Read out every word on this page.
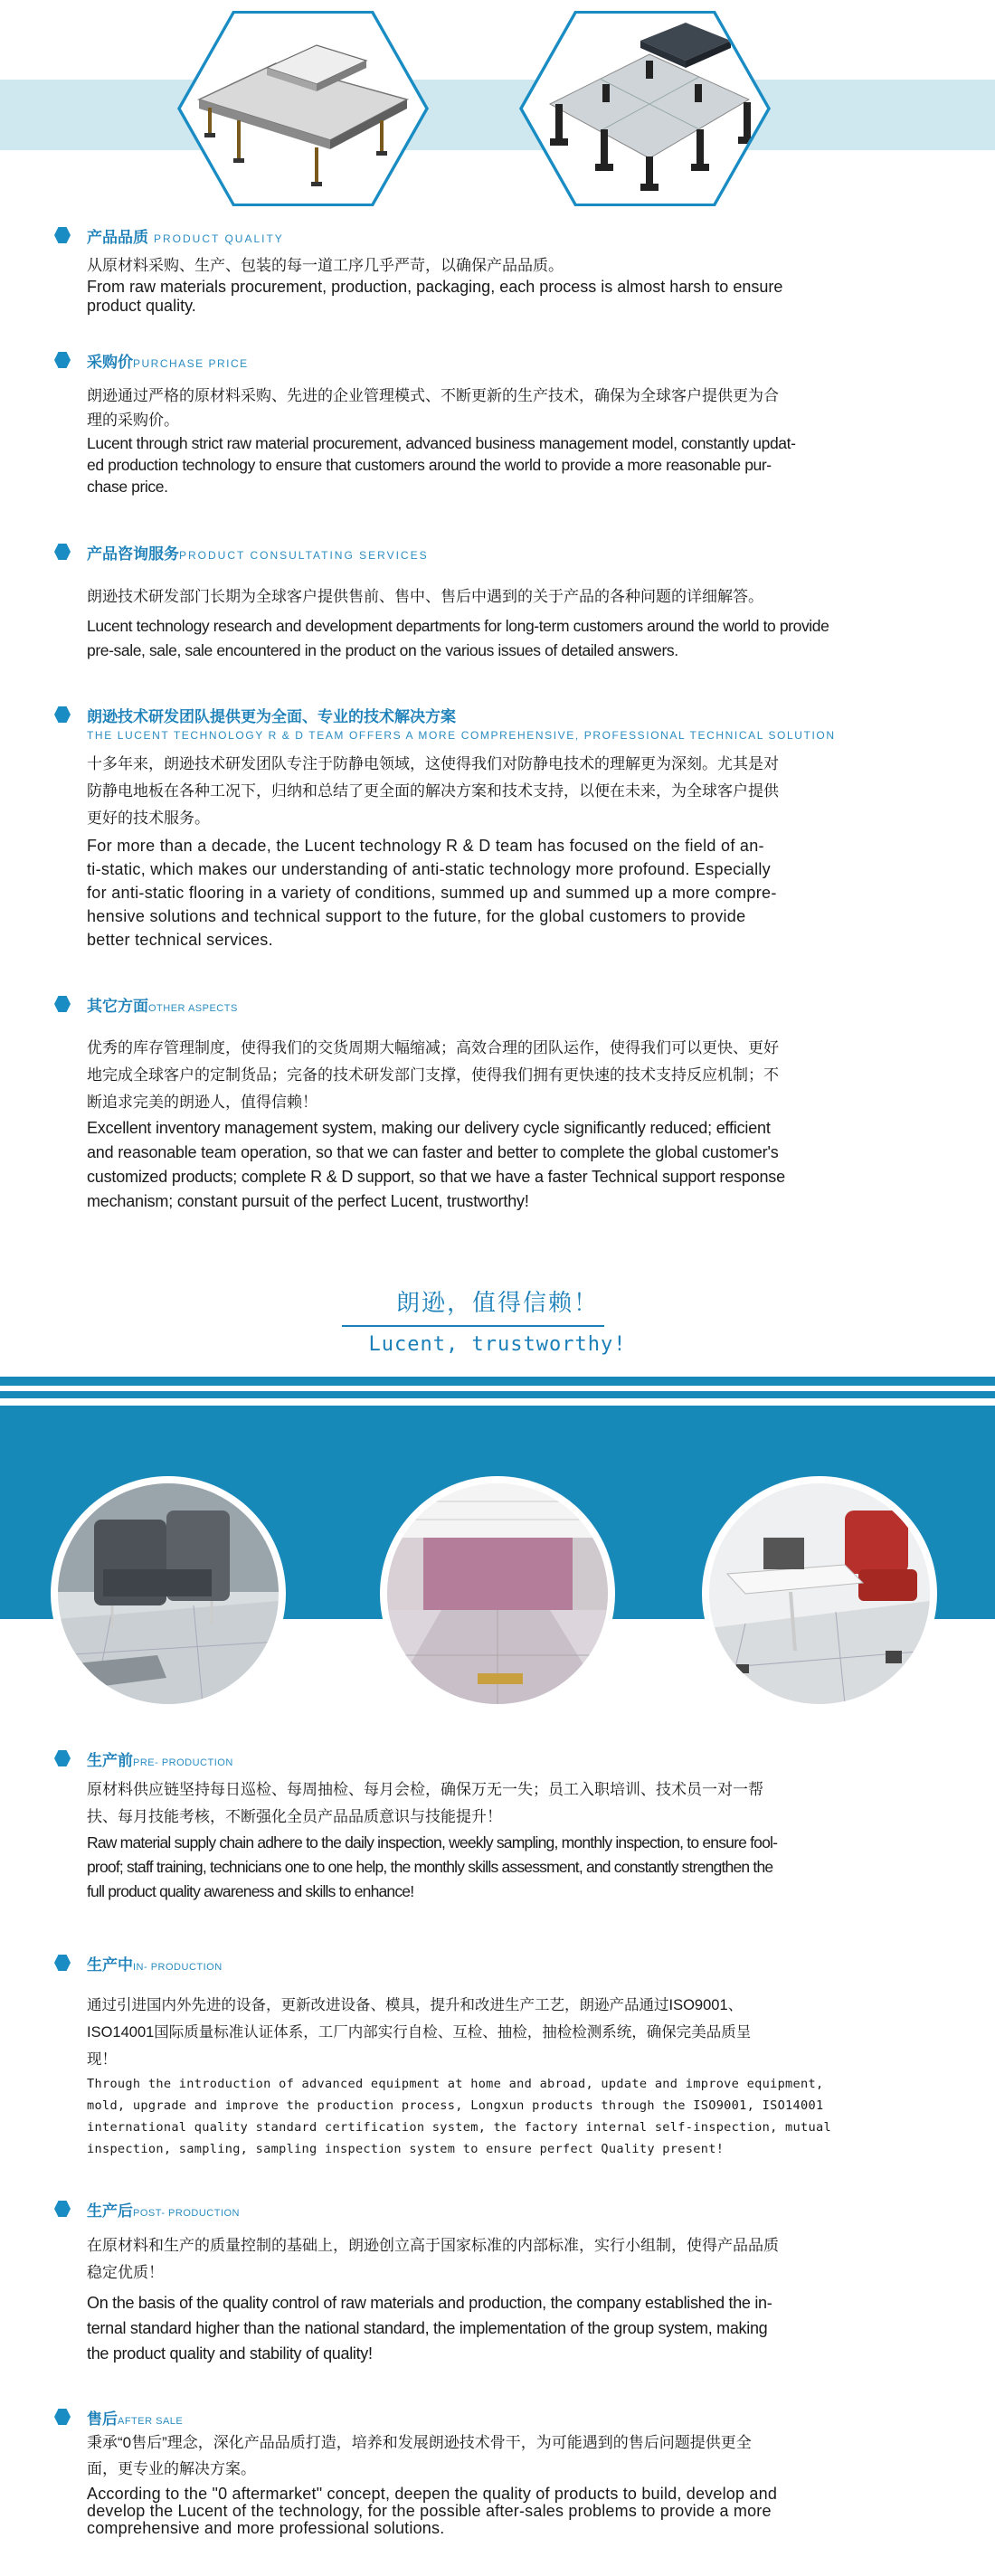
产品品质 PRODUCT QUALITY
从原材料采购、生产、包装的每一道工序几乎严苛，以确保产品品质。
From raw materials procurement, production, packaging, each process is almost harsh to ensure
product quality.
采购价 PURCHASE PRICE
朗逊通过严格的原材料采购、先进的企业管理模式、不断更新的生产技术，确保为全球客户提供更为合
理的采购价。
Lucent through strict raw material procurement, advanced business management model, constantly updat-
ed production technology to ensure that customers around the world to provide a more reasonable pur-
chase price.
产品咨询服务 PRODUCT CONSULTATING SERVICES
朗逊技术研发部门长期为全球客户提供售前、售中、售后中遇到的关于产品的各种问题的详细解答。
Lucent technology research and development departments for long-term customers around the world to provide
pre-sale, sale, sale encountered in the product on the various issues of detailed answers.
朗逊技术研发团队提供更为全面、专业的技术解决方案
THE LUCENT TECHNOLOGY R & D TEAM OFFERS A MORE COMPREHENSIVE, PROFESSIONAL TECHNICAL SOLUTION
十多年来，朗逊技术研发团队专注于防静电领域，这使得我们对防静电技术的理解更为深刻。尤其是对
防静电地板在各种工况下，归纳和总结了更全面的解决方案和技术支持，以便在未来，为全球客户提供
更好的技术服务。
For more than a decade, the Lucent technology R & D team has focused on the field of an-
ti-static, which makes our understanding of anti-static technology more profound. Especially
for anti-static flooring in a variety of conditions, summed up and summed up a more compre-
hensive solutions and technical support to the future, for the global customers to provide
better technical services.
其它方面 OTHER ASPECTS
优秀的库存管理制度，使得我们的交货周期大幅缩减；高效合理的团队运作，使得我们可以更快、更好
地完成全球客户的定制货品；完备的技术研发部门支撑，使得我们拥有更快速的技术支持反应机制；不
断追求完美的朗逊人，值得信赖！
Excellent inventory management system, making our delivery cycle significantly reduced; efficient
and reasonable team operation, so that we can faster and better to complete the global customer's
customized products; complete R & D support, so that we have a faster Technical support response
mechanism; constant pursuit of the perfect Lucent, trustworthy!
朗逊，值得信赖！
Lucent, trustworthy!
生产前 PRE- PRODUCTION
原材料供应链坚持每日巡检、每周抽检、每月会检，确保万无一失；员工入职培训、技术员一对一帮
扶、每月技能考核，不断强化全员产品品质意识与技能提升！
Raw material supply chain adhere to the daily inspection, weekly sampling, monthly inspection, to ensure fool-
proof; staff training, technicians one to one help, the monthly skills assessment, and constantly strengthen the
full product quality awareness and skills to enhance!
生产中 IN- PRODUCTION
通过引进国内外先进的设备，更新改进设备、模具，提升和改进生产工艺，朗逊产品通过ISO9001、
ISO14001国际质量标准认证体系，工厂内部实行自检、互检、抽检，抽检检测系统，确保完美品质呈
现！
Through the introduction of advanced equipment at home and abroad, update and improve equipment,
mold, upgrade and improve the production process, Longxun products through the ISO9001, ISO14001
international quality standard certification system, the factory internal self-inspection, mutual
inspection, sampling, sampling inspection system to ensure perfect Quality present!
生产后 POST- PRODUCTION
在原材料和生产的质量控制的基础上，朗逊创立高于国家标准的内部标准，实行小组制，使得产品品质
稳定优质！
On the basis of the quality control of raw materials and production, the company established the in-
ternal standard higher than the national standard, the implementation of the group system, making
the product quality and stability of quality!
售后 AFTER SALE
秉承“0售后”理念，深化产品品质打造，培养和发展朗逊技术骨干，为可能遇到的售后问题提供更全
面，更专业的解决方案。
According to the "0 aftermarket" concept, deepen the quality of products to build, develop and
develop the Lucent of the technology, for the possible after-sales problems to provide a more
comprehensive and more professional solutions.
